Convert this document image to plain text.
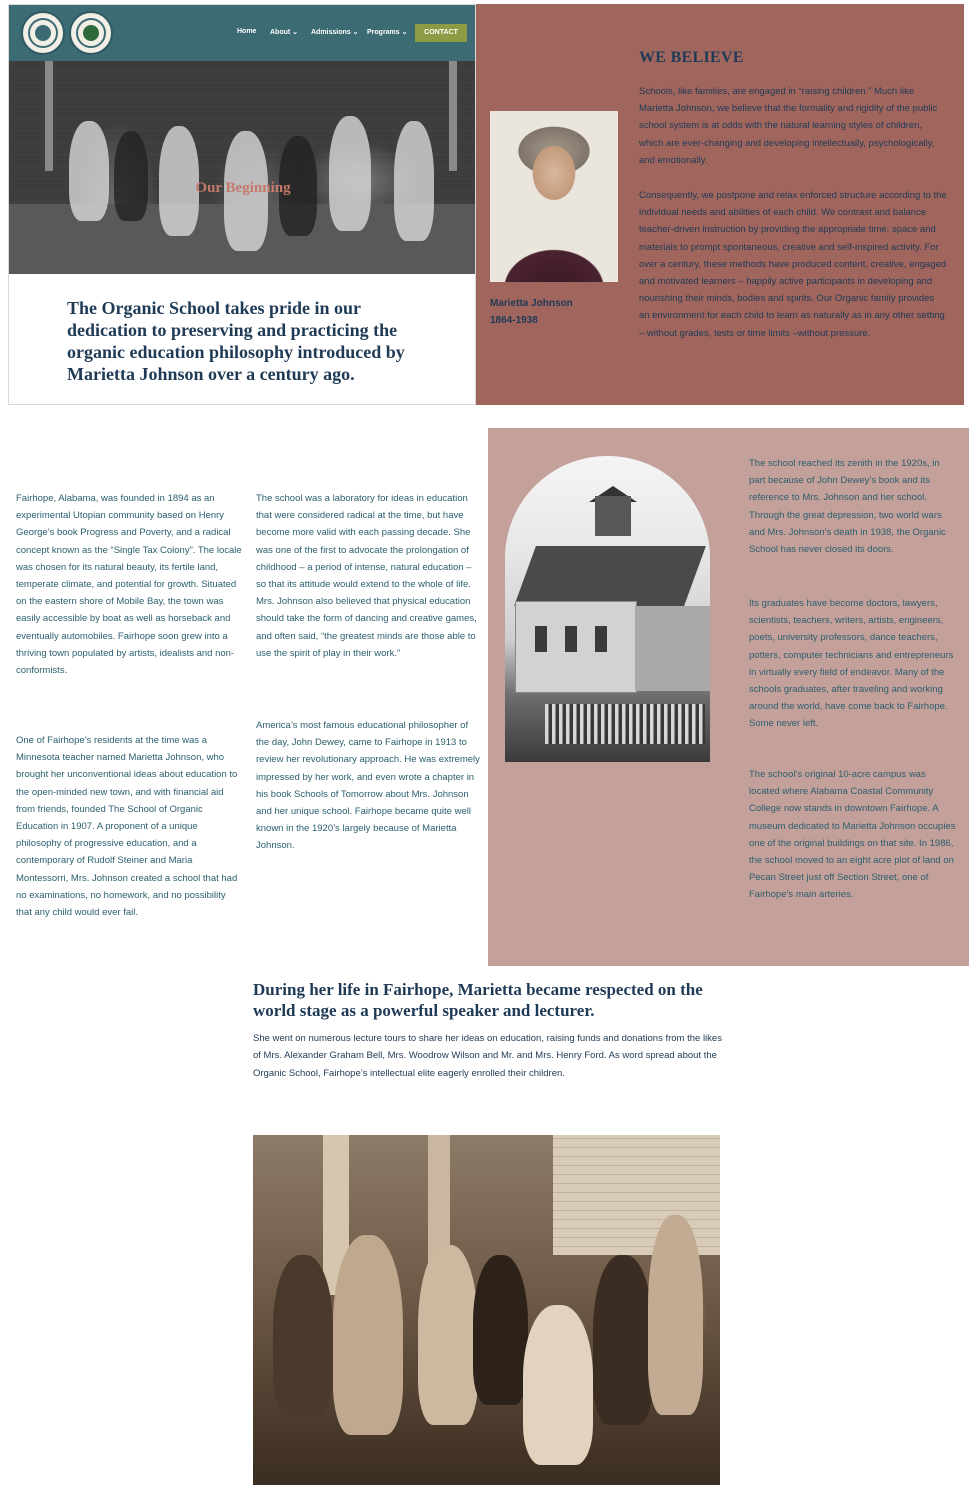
Home About ⌄ Admissions ⌄ Programs ⌄	CONTACT
Our Beginning
The Organic School takes pride in our dedication to preserving and practicing the organic education philosophy introduced by Marietta Johnson over a century ago.
Marietta Johnson
1864-1938
WE BELIEVE

Schools, like families, are engaged in “raising children.” Much like Marietta Johnson, we believe that the formality and rigidity of the public school system is at odds with the natural learning styles of children, which are ever-changing and developing intellectually, psychologically, and emotionally.

Consequently, we postpone and relax enforced structure according to the individual needs and abilities of each child. We contrast and balance teacher-driven instruction by providing the appropriate time, space and materials to prompt spontaneous, creative and self-inspired activity. For over a century, these methods have produced content, creative, engaged and motivated learners – happily active participants in developing and nourishing their minds, bodies and spirits. Our Organic family provides an environment for each child to learn as naturally as in any other setting – without grades, tests or time limits –without pressure.

Fairhope, Alabama, was founded in 1894 as an experimental Utopian community based on Henry George’s book Progress and Poverty, and a radical concept known as the “Single Tax Colony”. The locale was chosen for its natural beauty, its fertile land, temperate climate, and potential for growth. Situated on the eastern shore of Mobile Bay, the town was easily accessible by boat as well as horseback and eventually automobiles. Fairhope soon grew into a thriving town populated by artists, idealists and non-conformists.

One of Fairhope’s residents at the time was a Minnesota teacher named Marietta Johnson, who brought her unconventional ideas about education to the open-minded new town, and with financial aid from friends, founded The School of Organic Education in 1907. A proponent of a unique philosophy of progressive education, and a contemporary of Rudolf Steiner and Maria Montessorri, Mrs. Johnson created a school that had no examinations, no homework, and no possibility that any child would ever fail.

The school was a laboratory for ideas in education that were considered radical at the time, but have become more valid with each passing decade. She was one of the first to advocate the prolongation of childhood – a period of intense, natural education – so that its attitude would extend to the whole of life. Mrs. Johnson also believed that physical education should take the form of dancing and creative games, and often said, “the greatest minds are those able to use the spirit of play in their work.”

America’s most famous educational philosopher of the day, John Dewey, came to Fairhope in 1913 to review her revolutionary approach. He was extremely impressed by her work, and even wrote a chapter in his book Schools of Tomorrow about Mrs. Johnson and her unique school. Fairhope became quite well known in the 1920’s largely because of Marietta Johnson.

The school reached its zenith in the 1920s, in part because of John Dewey’s book and its reference to Mrs. Johnson and her school. Through the great depression, two world wars and Mrs. Johnson’s death in 1938, the Organic School has never closed its doors.

Its graduates have become doctors, lawyers, scientists, teachers, writers, artists, engineers, poets, university professors, dance teachers, potters, computer technicians and entrepreneurs in virtually every field of endeavor. Many of the schools graduates, after traveling and working around the world, have come back to Fairhope. Some never left.

The school’s original 10-acre campus was located where Alabama Coastal Community College now stands in downtown Fairhope. A museum dedicated to Marietta Johnson occupies one of the original buildings on that site. In 1986, the school moved to an eight acre plot of land on Pecan Street just off Section Street, one of Fairhope’s main arteries.

During her life in Fairhope, Marietta became respected on the world stage as a powerful speaker and lecturer.

She went on numerous lecture tours to share her ideas on education, raising funds and donations from the likes of Mrs. Alexander Graham Bell, Mrs. Woodrow Wilson and Mr. and Mrs. Henry Ford. As word spread about the Organic School, Fairhope’s intellectual elite eagerly enrolled their children.
